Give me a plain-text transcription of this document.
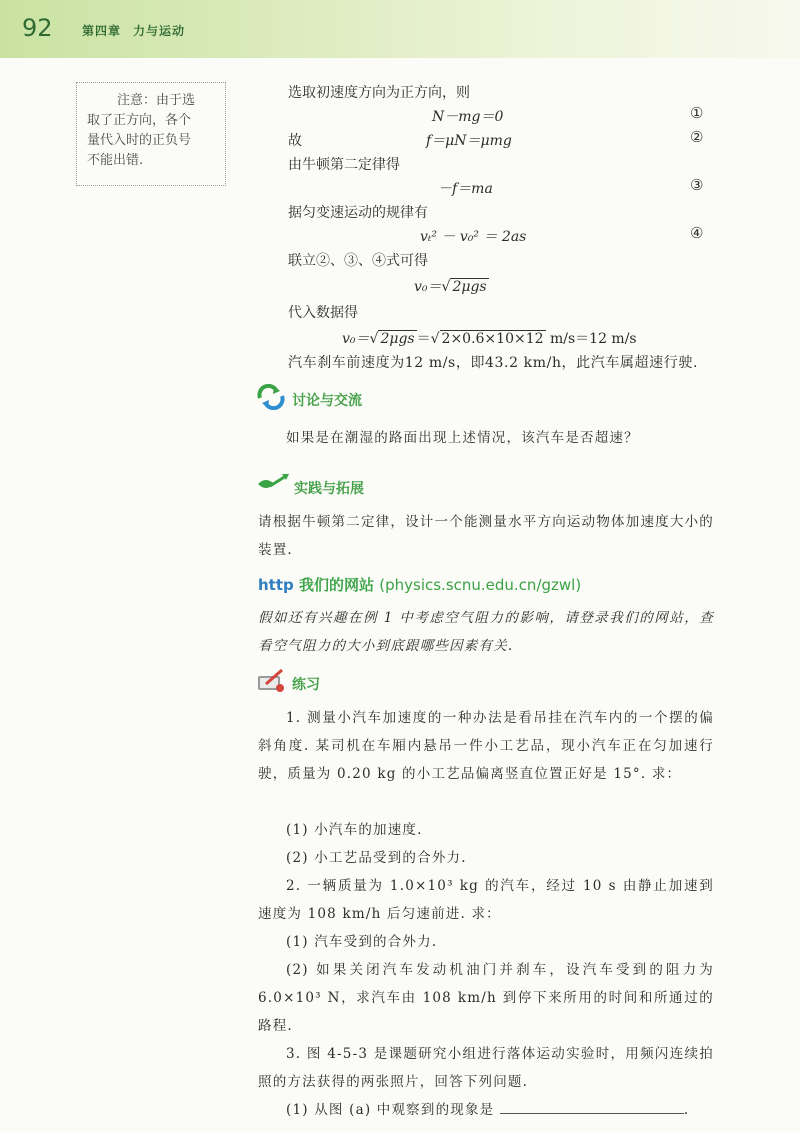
92 第四章 力与运动
注意：由于选
取了正方向，各个
量代入时的正负号
不能出错.
选取初速度方向为正方向，则
N－mg＝0	①
故	f＝μN＝μmg	②
由牛顿第二定律得
－f＝ma	③
据匀变速运动的规律有
vₜ² － v₀² ＝ 2as	④
联立②、③、④式可得
v₀＝√ 2μgs
代入数据得
v₀＝√ 2μgs ＝√ 2×0.6×10×12 m/s＝12 m/s
汽车刹车前速度为12 m/s，即43.2 km/h，此汽车属超速行驶.
讨论与交流
如果是在潮湿的路面出现上述情况，该汽车是否超速？
实践与拓展
请根据牛顿第二定律，设计一个能测量水平方向运动物体加速度大小的装置.
http 我们的网站 (physics.scnu.edu.cn/gzwl)
假如还有兴趣在例 1 中考虑空气阻力的影响，请登录我们的网站，查看空气阻力的大小到底跟哪些因素有关.
练习
1. 测量小汽车加速度的一种办法是看吊挂在汽车内的一个摆的偏斜角度. 某司机在车厢内悬吊一件小工艺品，现小汽车正在匀加速行驶，质量为 0.20 kg 的小工艺品偏离竖直位置正好是 15°. 求：
(1) 小汽车的加速度.
(2) 小工艺品受到的合外力.
2. 一辆质量为 1.0×10³ kg 的汽车，经过 10 s 由静止加速到速度为 108 km/h 后匀速前进. 求：
(1) 汽车受到的合外力.
(2) 如果关闭汽车发动机油门并刹车，设汽车受到的阻力为 6.0×10³ N，求汽车由 108 km/h 到停下来所用的时间和所通过的路程.
3. 图 4-5-3 是课题研究小组进行落体运动实验时，用频闪连续拍照的方法获得的两张照片，回答下列问题.
(1) 从图 (a) 中观察到的现象是	.
